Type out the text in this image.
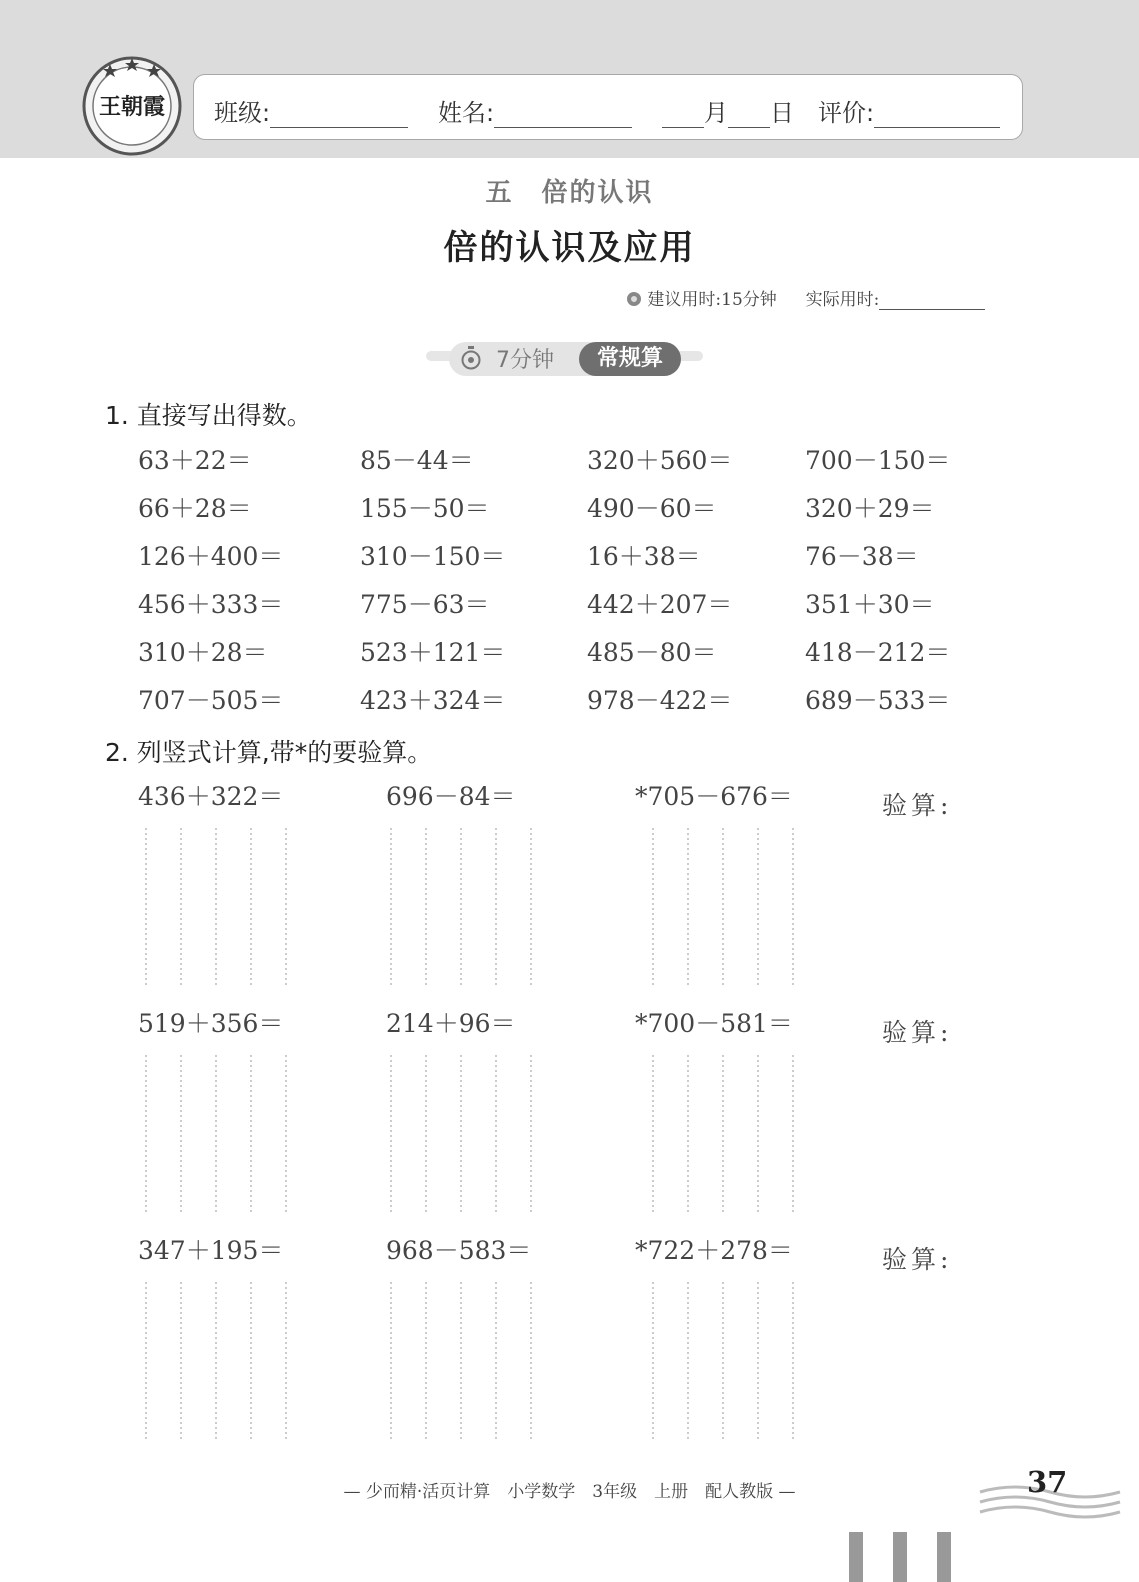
王朝霞 班级:	姓名:	月 日 评价:
五　倍的认识
倍的认识及应用
建议用时:15分钟 实际用时:
7分钟	常规算
1. 直接写出得数。
63＋22＝	85－44＝	320＋560＝	700－150＝
66＋28＝	155－50＝	490－60＝	320＋29＝
126＋400＝	310－150＝	16＋38＝	76－38＝
456＋333＝	775－63＝	442＋207＝	351＋30＝
310＋28＝	523＋121＝	485－80＝	418－212＝
707－505＝	423＋324＝	978－422＝	689－533＝
2. 列竖式计算,带*的要验算。
436＋322＝	696－84＝	*705－676＝	验算:
519＋356＝	214＋96＝	*700－581＝	验算:
347＋195＝	968－583＝	*722＋278＝	验算:
— 少而精·活页计算　小学数学　3年级　上册　配人教版 —	37
